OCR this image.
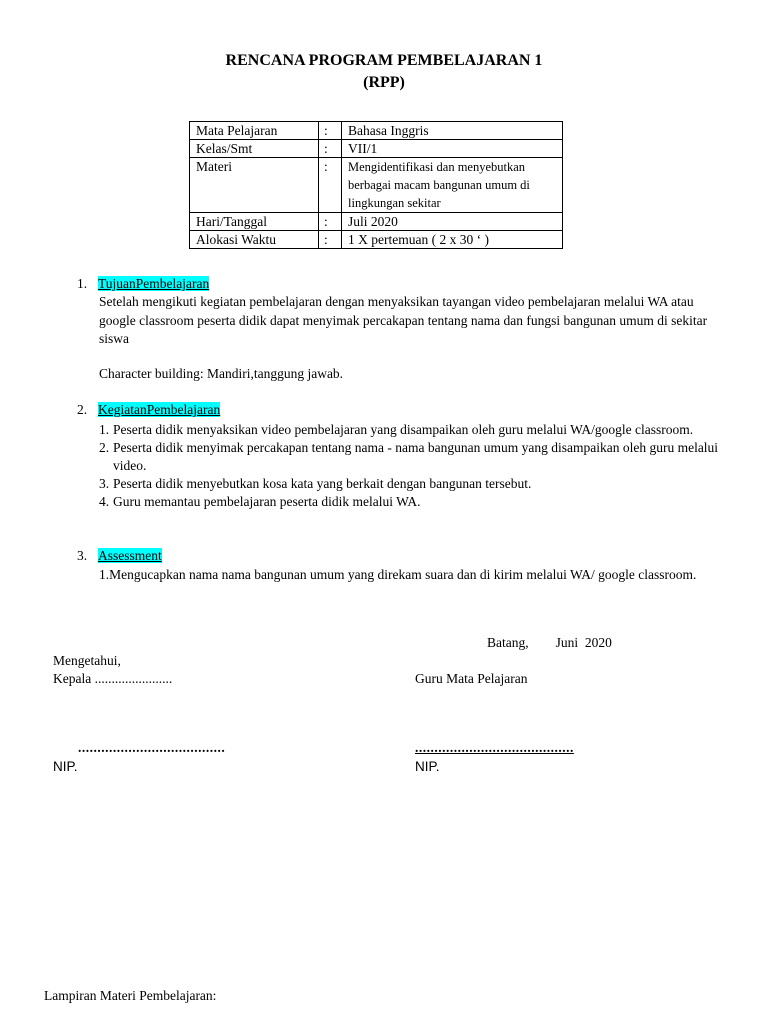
RENCANA PROGRAM PEMBELAJARAN 1
(RPP)
Mata Pelajaran	:	Bahasa Inggris
Kelas/Smt	:	VII/1
Materi	:	Mengidentifikasi dan menyebutkan berbagai macam bangunan umum di lingkungan sekitar
Hari/Tanggal	:	Juli 2020
Alokasi Waktu	:	1 X pertemuan ( 2 x 30 ‘ )
1. TujuanPembelajaran
Setelah mengikuti kegiatan pembelajaran dengan menyaksikan tayangan video pembelajaran melalui WA atau google classroom peserta didik dapat menyimak percakapan tentang nama dan fungsi bangunan umum di sekitar siswa
Character building: Mandiri,tanggung jawab.
2. KegiatanPembelajaran
1. Peserta didik menyaksikan video pembelajaran yang disampaikan oleh guru melalui WA/google classroom.
2. Peserta didik menyimak percakapan tentang nama - nama bangunan umum yang disampaikan oleh guru melalui video.
3. Peserta didik menyebutkan kosa kata yang berkait dengan bangunan tersebut.
4. Guru memantau pembelajaran peserta didik melalui WA.
3. Assessment
1.Mengucapkan nama nama bangunan umum yang direkam suara dan di kirim melalui WA/ google classroom.
Batang,        Juni  2020
Mengetahui,
Kepala .......................	Guru Mata Pelajaran
......................................	.........................................
NIP.	NIP.
Lampiran Materi Pembelajaran:
